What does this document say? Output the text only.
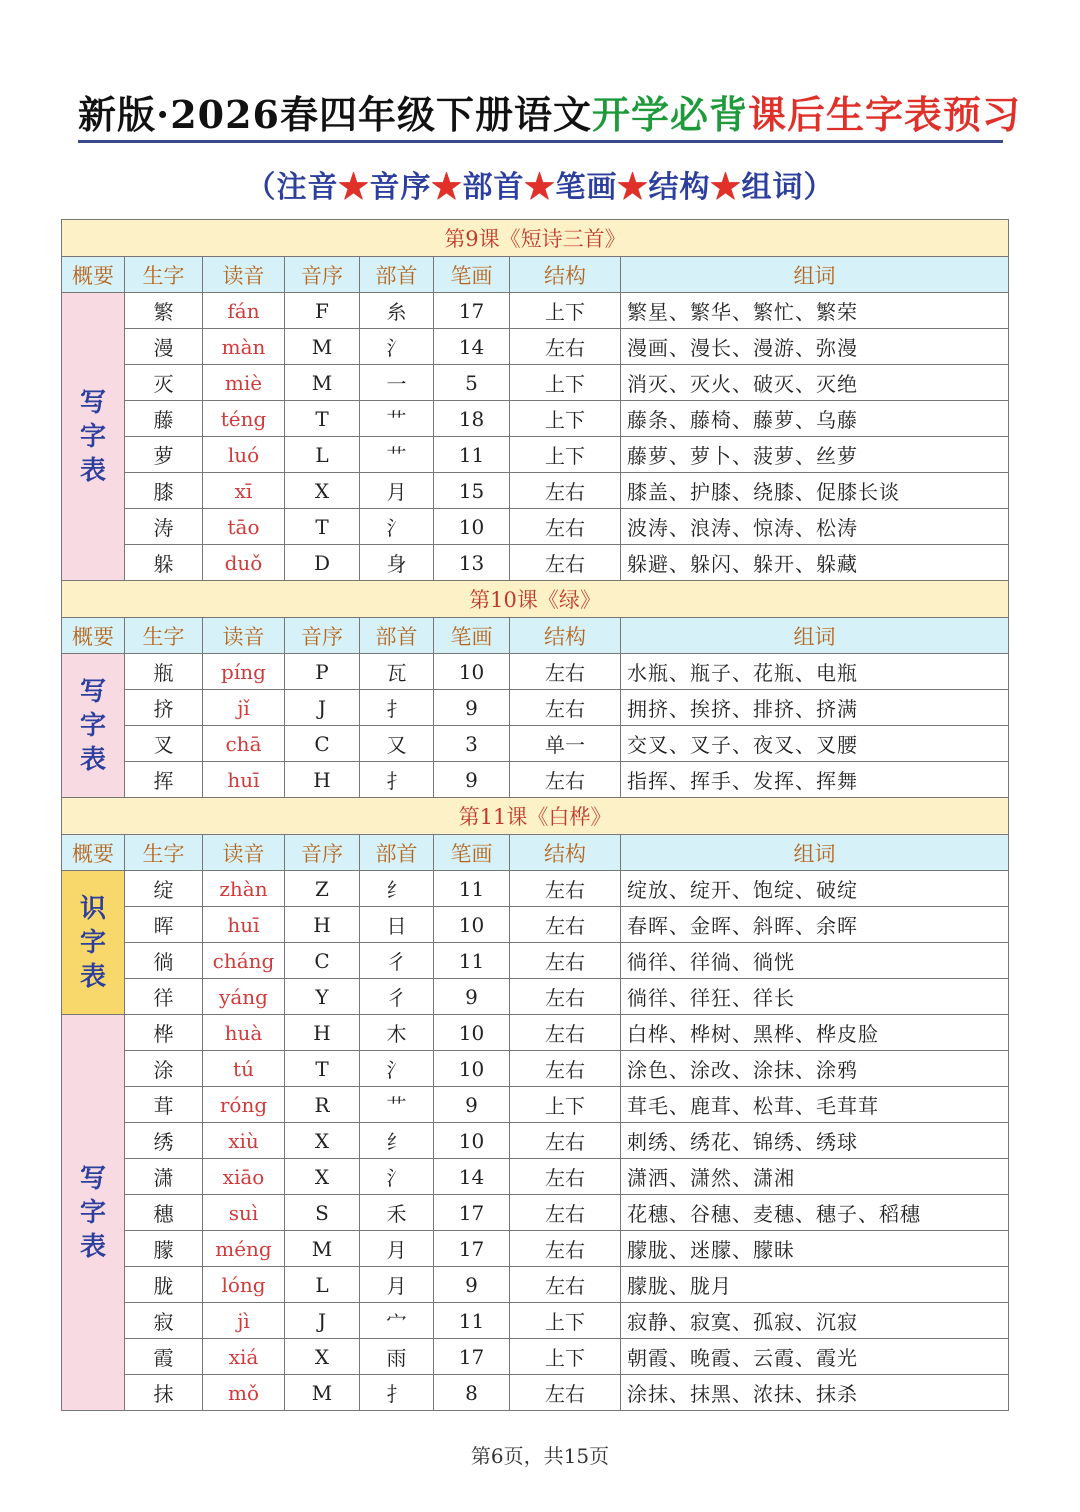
新版·2026春四年级下册语文开学必背课后生字表预习
（注音★音序★部首★笔画★结构★组词）
第9课《短诗三首》							
概要	生字	读音	音序	部首	笔画	结构	组词

写
字
表	繁	fán	F	糸	17	上下	繁星、繁华、繁忙、繁荣
	漫	màn	M	氵	14	左右	漫画、漫长、漫游、弥漫
	灭	miè	M	一	5	上下	消灭、灭火、破灭、灭绝
	藤	téng	T	艹	18	上下	藤条、藤椅、藤萝、乌藤
	萝	luó	L	艹	11	上下	藤萝、萝卜、菠萝、丝萝
	膝	xī	X	月	15	左右	膝盖、护膝、绕膝、促膝长谈
	涛	tāo	T	氵	10	左右	波涛、浪涛、惊涛、松涛
	躲	duǒ	D	身	13	左右	躲避、躲闪、躲开、躲藏
第10课《绿》							
概要	生字	读音	音序	部首	笔画	结构	组词

写
字
表	瓶	píng	P	瓦	10	左右	水瓶、瓶子、花瓶、电瓶
	挤	jǐ	J	扌	9	左右	拥挤、挨挤、排挤、挤满
	叉	chā	C	又	3	单一	交叉、叉子、夜叉、叉腰
	挥	huī	H	扌	9	左右	指挥、挥手、发挥、挥舞
第11课《白桦》							
概要	生字	读音	音序	部首	笔画	结构	组词

识
字
表	绽	zhàn	Z	纟	11	左右	绽放、绽开、饱绽、破绽
	晖	huī	H	日	10	左右	春晖、金晖、斜晖、余晖
	徜	cháng	C	彳	11	左右	徜徉、徉徜、徜恍
	徉	yáng	Y	彳	9	左右	徜徉、徉狂、徉长

写
字
表	桦	huà	H	木	10	左右	白桦、桦树、黑桦、桦皮脸
	涂	tú	T	氵	10	左右	涂色、涂改、涂抹、涂鸦
	茸	róng	R	艹	9	上下	茸毛、鹿茸、松茸、毛茸茸
	绣	xiù	X	纟	10	左右	刺绣、绣花、锦绣、绣球
	潇	xiāo	X	氵	14	左右	潇洒、潇然、潇湘
	穗	suì	S	禾	17	左右	花穗、谷穗、麦穗、穗子、稻穗
	朦	méng	M	月	17	左右	朦胧、迷朦、朦昧
	胧	lóng	L	月	9	左右	朦胧、胧月
	寂	jì	J	宀	11	上下	寂静、寂寞、孤寂、沉寂
	霞	xiá	X	雨	17	上下	朝霞、晚霞、云霞、霞光
	抹	mǒ	M	扌	8	左右	涂抹、抹黑、浓抹、抹杀
第6页，共15页
